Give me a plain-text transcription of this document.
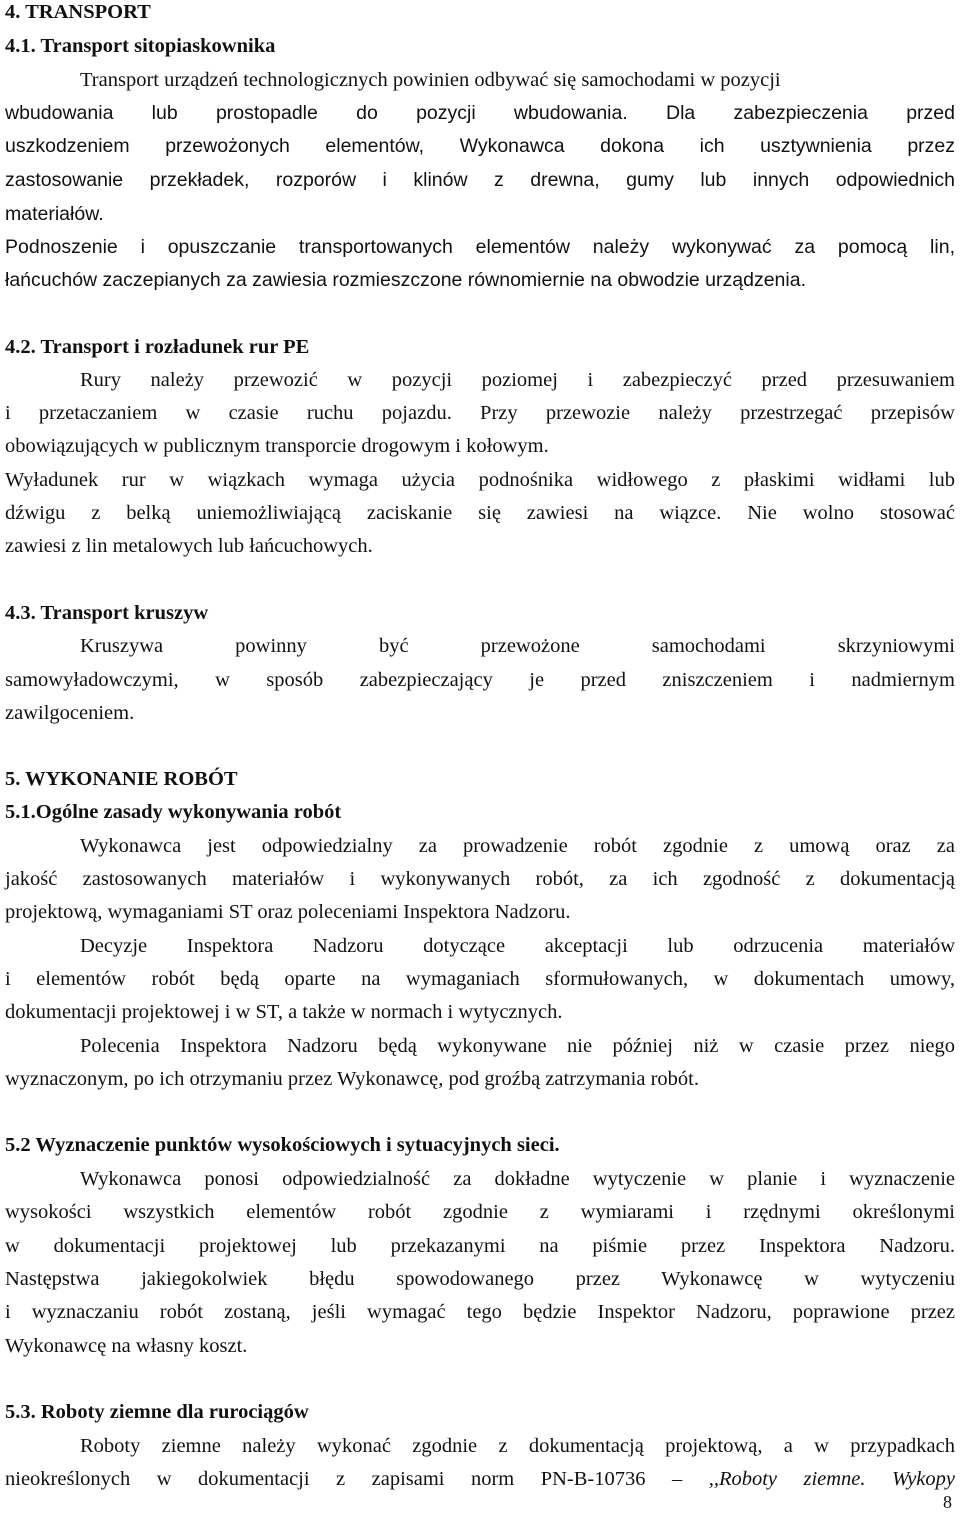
4. TRANSPORT
4.1. Transport sitopiaskownika
Transport urządzeń technologicznych powinien odbywać się samochodami w pozycji
wbudowania lub prostopadle do pozycji wbudowania. Dla zabezpieczenia przed
uszkodzeniem przewożonych elementów, Wykonawca dokona ich usztywnienia przez
zastosowanie przekładek, rozporów i klinów z drewna, gumy lub innych odpowiednich
materiałów.
Podnoszenie i opuszczanie transportowanych elementów należy wykonywać za pomocą lin,
łańcuchów zaczepianych za zawiesia rozmieszczone równomiernie na obwodzie urządzenia.
4.2. Transport i rozładunek rur PE
Rury należy przewozić w pozycji poziomej i zabezpieczyć przed przesuwaniem
i przetaczaniem w czasie ruchu pojazdu. Przy przewozie należy przestrzegać przepisów
obowiązujących w publicznym transporcie drogowym i kołowym.
Wyładunek rur w wiązkach wymaga użycia podnośnika widłowego z płaskimi widłami lub
dźwigu z belką uniemożliwiającą zaciskanie się zawiesi na wiązce. Nie wolno stosować
zawiesi z lin metalowych lub łańcuchowych.
4.3. Transport kruszyw
Kruszywa powinny być przewożone samochodami skrzyniowymi
samowyładowczymi, w sposób zabezpieczający je przed zniszczeniem i nadmiernym
zawilgoceniem.
5. WYKONANIE ROBÓT
5.1.Ogólne zasady wykonywania robót
Wykonawca jest odpowiedzialny za prowadzenie robót zgodnie z umową oraz za
jakość zastosowanych materiałów i wykonywanych robót, za ich zgodność z dokumentacją
projektową, wymaganiami ST oraz poleceniami Inspektora Nadzoru.
Decyzje Inspektora Nadzoru dotyczące akceptacji lub odrzucenia materiałów
i elementów robót będą oparte na wymaganiach sformułowanych, w dokumentach umowy,
dokumentacji projektowej i w ST, a także w normach i wytycznych.
Polecenia Inspektora Nadzoru będą wykonywane nie później niż w czasie przez niego
wyznaczonym, po ich otrzymaniu przez Wykonawcę, pod groźbą zatrzymania robót.
5.2 Wyznaczenie punktów wysokościowych i sytuacyjnych sieci.
Wykonawca ponosi odpowiedzialność za dokładne wytyczenie w planie i wyznaczenie
wysokości wszystkich elementów robót zgodnie z wymiarami i rzędnymi określonymi
w dokumentacji projektowej lub przekazanymi na piśmie przez Inspektora Nadzoru.
Następstwa jakiegokolwiek błędu spowodowanego przez Wykonawcę w wytyczeniu
i wyznaczaniu robót zostaną, jeśli wymagać tego będzie Inspektor Nadzoru, poprawione przez
Wykonawcę na własny koszt.
5.3. Roboty ziemne dla rurociągów
Roboty ziemne należy wykonać zgodnie z dokumentacją projektową, a w przypadkach
nieokreślonych w dokumentacji z zapisami norm PN-B-10736 – ,,Roboty ziemne. Wykopy
8
